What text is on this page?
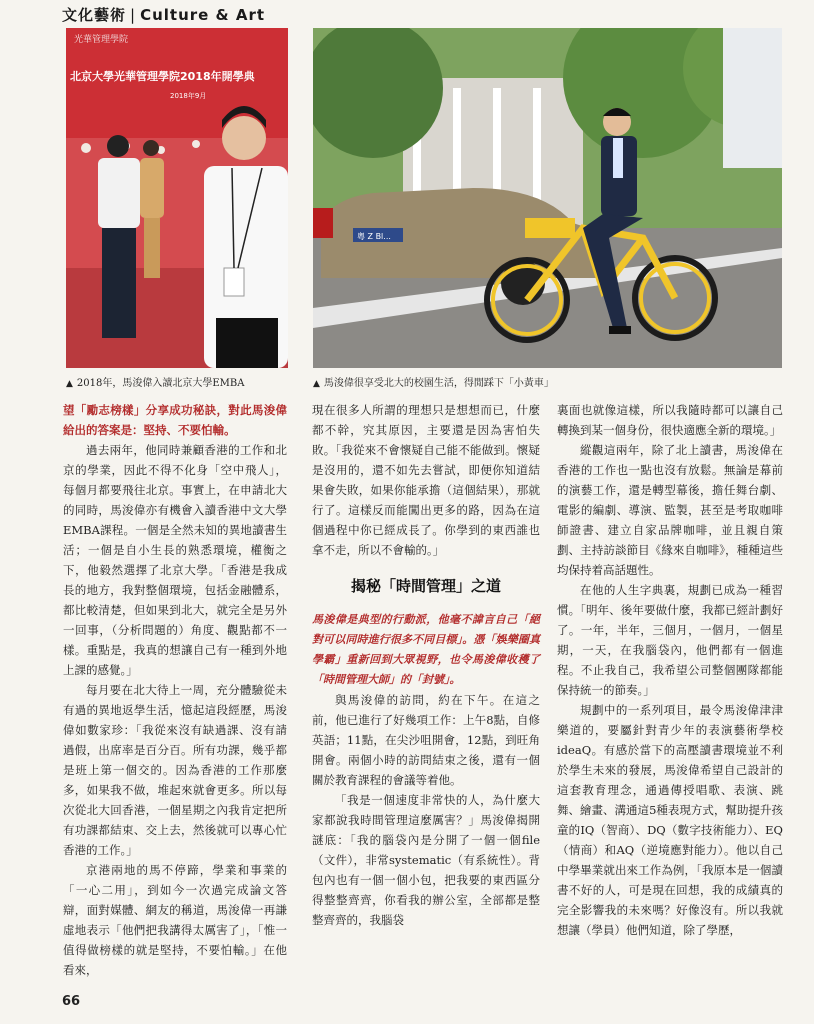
文化藝術 | Culture & Art
光華管理學院
北京大學光華管理學院2018年開學典
2018年9月
粵 Z Bl...
▲ 2018年，馬浚偉入讀北京大學EMBA	▲ 馬浚偉很享受北大的校園生活，得閒踩下「小黃車」

望「勵志榜樣」分享成功秘訣，對此馬浚偉給出的答案是：堅持、不要怕輸。

過去兩年，他同時兼顧香港的工作和北京的學業，因此不得不化身「空中飛人」，每個月都要飛往北京。事實上，在申請北大的同時，馬浚偉亦有機會入讀香港中文大學EMBA課程。一個是全然未知的異地讀書生活；一個是自小生長的熟悉環境，權衡之下，他毅然選擇了北京大學。「香港是我成長的地方，我對整個環境，包括金融體系，都比較清楚，但如果到北大，就完全是另外一回事，（分析問題的）角度、觀點都不一樣。重點是，我真的想讓自己有一種到外地上課的感覺。」

每月要在北大待上一周，充分體驗從未有過的異地返學生活，憶起這段經歷，馬浚偉如數家珍：「我從來沒有缺過課、沒有請過假，出席率是百分百。所有功課，幾乎都是班上第一個交的。因為香港的工作那麼多，如果我不做，堆起來就會更多。所以每次從北大回香港，一個星期之內我肯定把所有功課都結束、交上去，然後就可以專心忙香港的工作。」

京港兩地的馬不停蹄，學業和事業的「一心二用」，到如今一次過完成論文答辯，面對媒體、網友的稱道，馬浚偉一再謙虛地表示「他們把我講得太厲害了」，「惟一值得做榜樣的就是堅持，不要怕輸。」在他看來，

現在很多人所謂的理想只是想想而已，什麼都不幹，究其原因，主要還是因為害怕失敗。「我從來不會懷疑自己能不能做到。懷疑是沒用的，還不如先去嘗試，即便你知道結果會失敗，如果你能承擔（這個結果），那就行了。這樣反而能闖出更多的路，因為在這個過程中你已經成長了。你學到的東西誰也拿不走，所以不會輸的。」

揭秘「時間管理」之道

馬浚偉是典型的行動派，他毫不諱言自己「絕對可以同時進行很多不同目標」。憑「娛樂圈真學霸」重新回到大眾視野，也令馬浚偉收穫了「時間管理大師」的「封號」。

與馬浚偉的訪問，約在下午。在這之前，他已進行了好幾項工作：上午8點，自修英語；11點，在尖沙咀開會，12點，到旺角開會。兩個小時的訪問結束之後，還有一個關於教育課程的會議等着他。

「我是一個速度非常快的人，為什麼大家都說我時間管理這麼厲害？」馬浚偉揭開謎底：「我的腦袋內是分開了一個一個file（文件），非常systematic（有系統性）。背包內也有一個一個小包，把我要的東西區分得整整齊齊，你看我的辦公室，全部都是整整齊齊的，我腦袋

裏面也就像這樣，所以我隨時都可以讓自己轉換到某一個身份，很快適應全新的環境。」

縱觀這兩年，除了北上讀書，馬浚偉在香港的工作也一點也沒有放鬆。無論是幕前的演藝工作，還是轉型幕後，擔任舞台劇、電影的編劇、導演、監製，甚至是考取咖啡師證書、建立自家品牌咖啡，並且親自策劃、主持訪談節目《緣來自咖啡》，種種這些均保持着高話題性。

在他的人生字典裏，規劃已成為一種習慣。「明年、後年要做什麼，我都已經計劃好了。一年，半年，三個月，一個月，一個星期，一天，在我腦袋內，他們都有一個進程。不止我自己，我希望公司整個團隊都能保持統一的節奏。」

規劃中的一系列項目，最令馬浚偉津津樂道的，要屬針對青少年的表演藝術學校ideaQ。有感於當下的高壓讀書環境並不利於學生未來的發展，馬浚偉希望自己設計的這套教育理念，通過傳授唱歌、表演、跳舞、繪畫、溝通這5種表現方式，幫助提升孩童的IQ（智商）、DQ（數字技術能力）、EQ（情商）和AQ（逆境應對能力）。他以自己中學畢業就出來工作為例，「我原本是一個讀書不好的人，可是現在回想，我的成績真的完全影響我的未來嗎？好像沒有。所以我就想讓（學員）他們知道，除了學歷，

66
